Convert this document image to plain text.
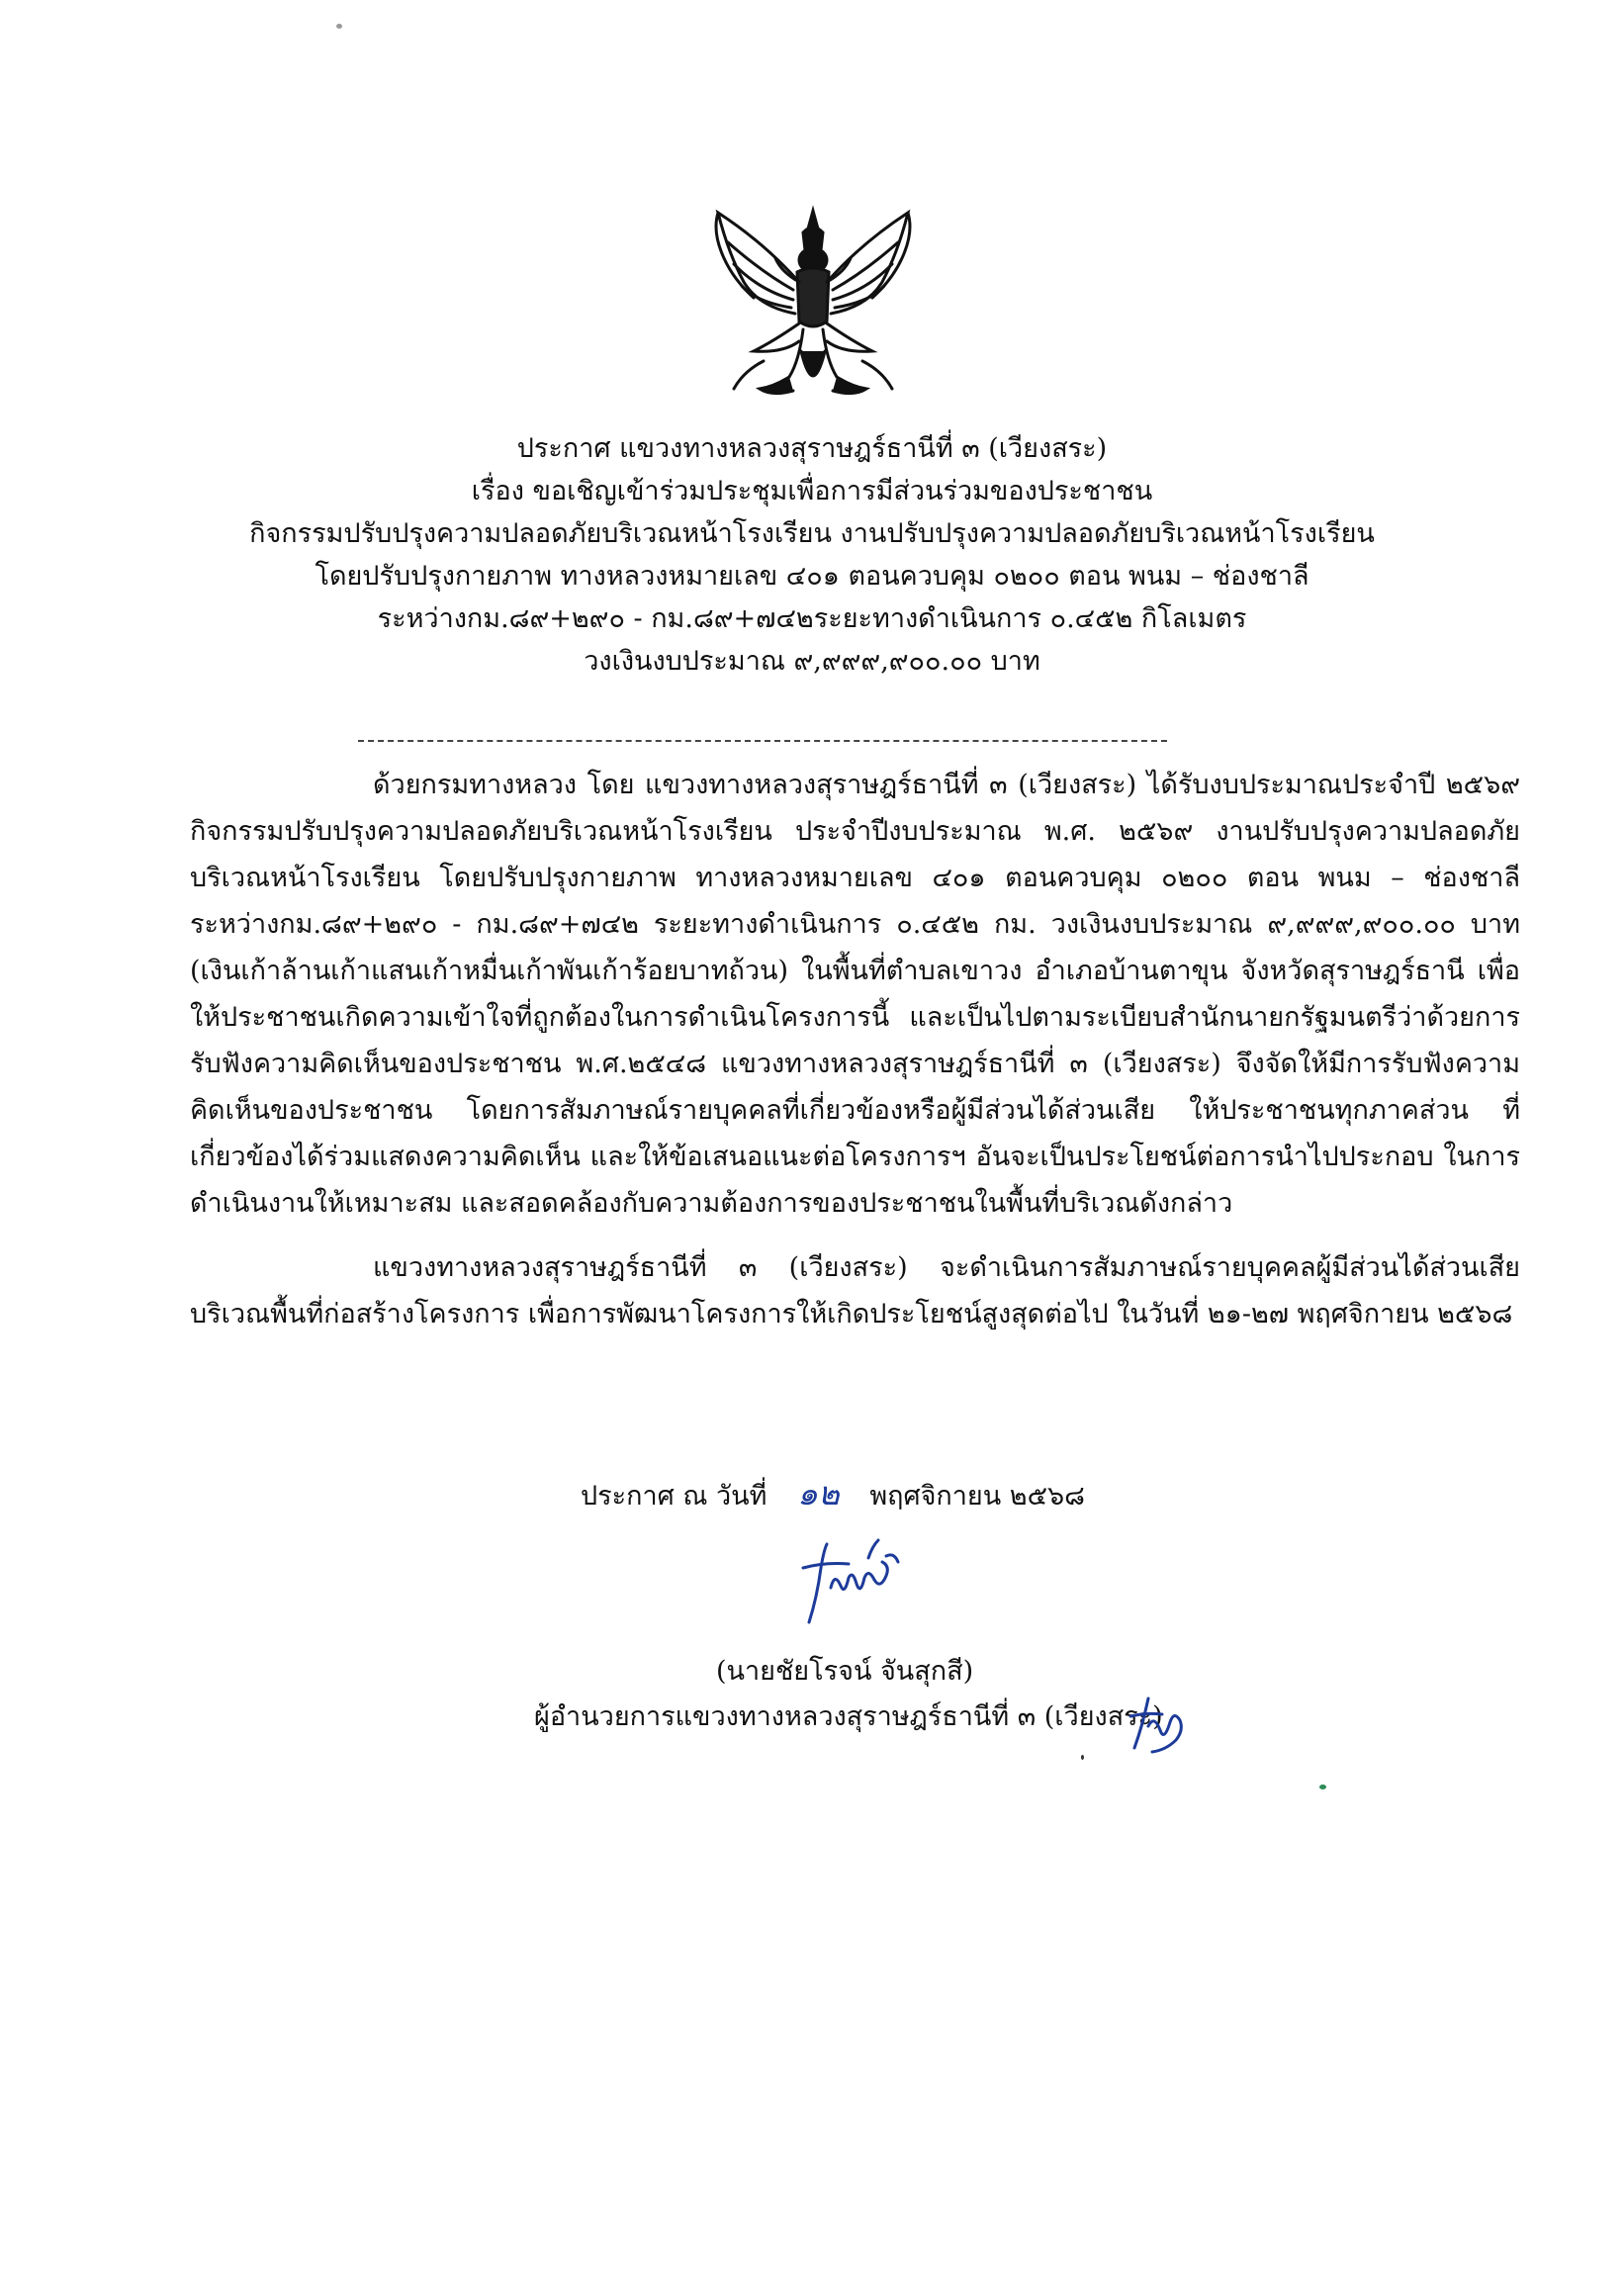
ประกาศ แขวงทางหลวงสุราษฎร์ธานีที่ ๓ (เวียงสระ)
เรื่อง ขอเชิญเข้าร่วมประชุมเพื่อการมีส่วนร่วมของประชาชน
กิจกรรมปรับปรุงความปลอดภัยบริเวณหน้าโรงเรียน งานปรับปรุงความปลอดภัยบริเวณหน้าโรงเรียน
โดยปรับปรุงกายภาพ ทางหลวงหมายเลข ๔๐๑ ตอนควบคุม ๐๒๐๐ ตอน พนม – ช่องชาลี
ระหว่างกม.๘๙+๒๙๐ - กม.๘๙+๗๔๒ระยะทางดำเนินการ ๐.๔๕๒ กิโลเมตร
วงเงินงบประมาณ ๙,๙๙๙,๙๐๐.๐๐ บาท

ด้วยกรมทางหลวง โดย แขวงทางหลวงสุราษฎร์ธานีที่ ๓ (เวียงสระ) ได้รับงบประมาณประจำปี ๒๕๖๙ กิจกรรมปรับปรุงความปลอดภัยบริเวณหน้าโรงเรียน ประจำปีงบประมาณ พ.ศ. ๒๕๖๙ งานปรับปรุงความปลอดภัยบริเวณหน้าโรงเรียน โดยปรับปรุงกายภาพ ทางหลวงหมายเลข ๔๐๑ ตอนควบคุม ๐๒๐๐ ตอน พนม – ช่องชาลี ระหว่างกม.๘๙+๒๙๐ - กม.๘๙+๗๔๒ ระยะทางดำเนินการ ๐.๔๕๒ กม. วงเงินงบประมาณ ๙,๙๙๙,๙๐๐.๐๐ บาท (เงินเก้าล้านเก้าแสนเก้าหมื่นเก้าพันเก้าร้อยบาทถ้วน) ในพื้นที่ตำบลเขาวง อำเภอบ้านตาขุน จังหวัดสุราษฎร์ธานี เพื่อให้ประชาชนเกิดความเข้าใจที่ถูกต้องในการดำเนินโครงการนี้ และเป็นไปตามระเบียบสำนักนายกรัฐมนตรีว่าด้วยการรับฟังความคิดเห็นของประชาชน พ.ศ.๒๕๔๘ แขวงทางหลวงสุราษฎร์ธานีที่ ๓ (เวียงสระ) จึงจัดให้มีการรับฟังความคิดเห็นของประชาชน โดยการสัมภาษณ์รายบุคคลที่เกี่ยวข้องหรือผู้มีส่วนได้ส่วนเสีย ให้ประชาชนทุกภาคส่วน ที่เกี่ยวข้องได้ร่วมแสดงความคิดเห็น และให้ข้อเสนอแนะต่อโครงการฯ อันจะเป็นประโยชน์ต่อการนำไปประกอบ ในการดำเนินงานให้เหมาะสม และสอดคล้องกับความต้องการของประชาชนในพื้นที่บริเวณดังกล่าว

แขวงทางหลวงสุราษฎร์ธานีที่ ๓ (เวียงสระ) จะดำเนินการสัมภาษณ์รายบุคคลผู้มีส่วนได้ส่วนเสียบริเวณพื้นที่ก่อสร้างโครงการ เพื่อการพัฒนาโครงการให้เกิดประโยชน์สูงสุดต่อไป ในวันที่ ๒๑-๒๗ พฤศจิกายน ๒๕๖๘

ประกาศ ณ วันที่ ๑๒ พฤศจิกายน ๒๕๖๘
(นายชัยโรจน์ จันสุกสี)
ผู้อำนวยการแขวงทางหลวงสุราษฎร์ธานีที่ ๓ (เวียงสระ)
